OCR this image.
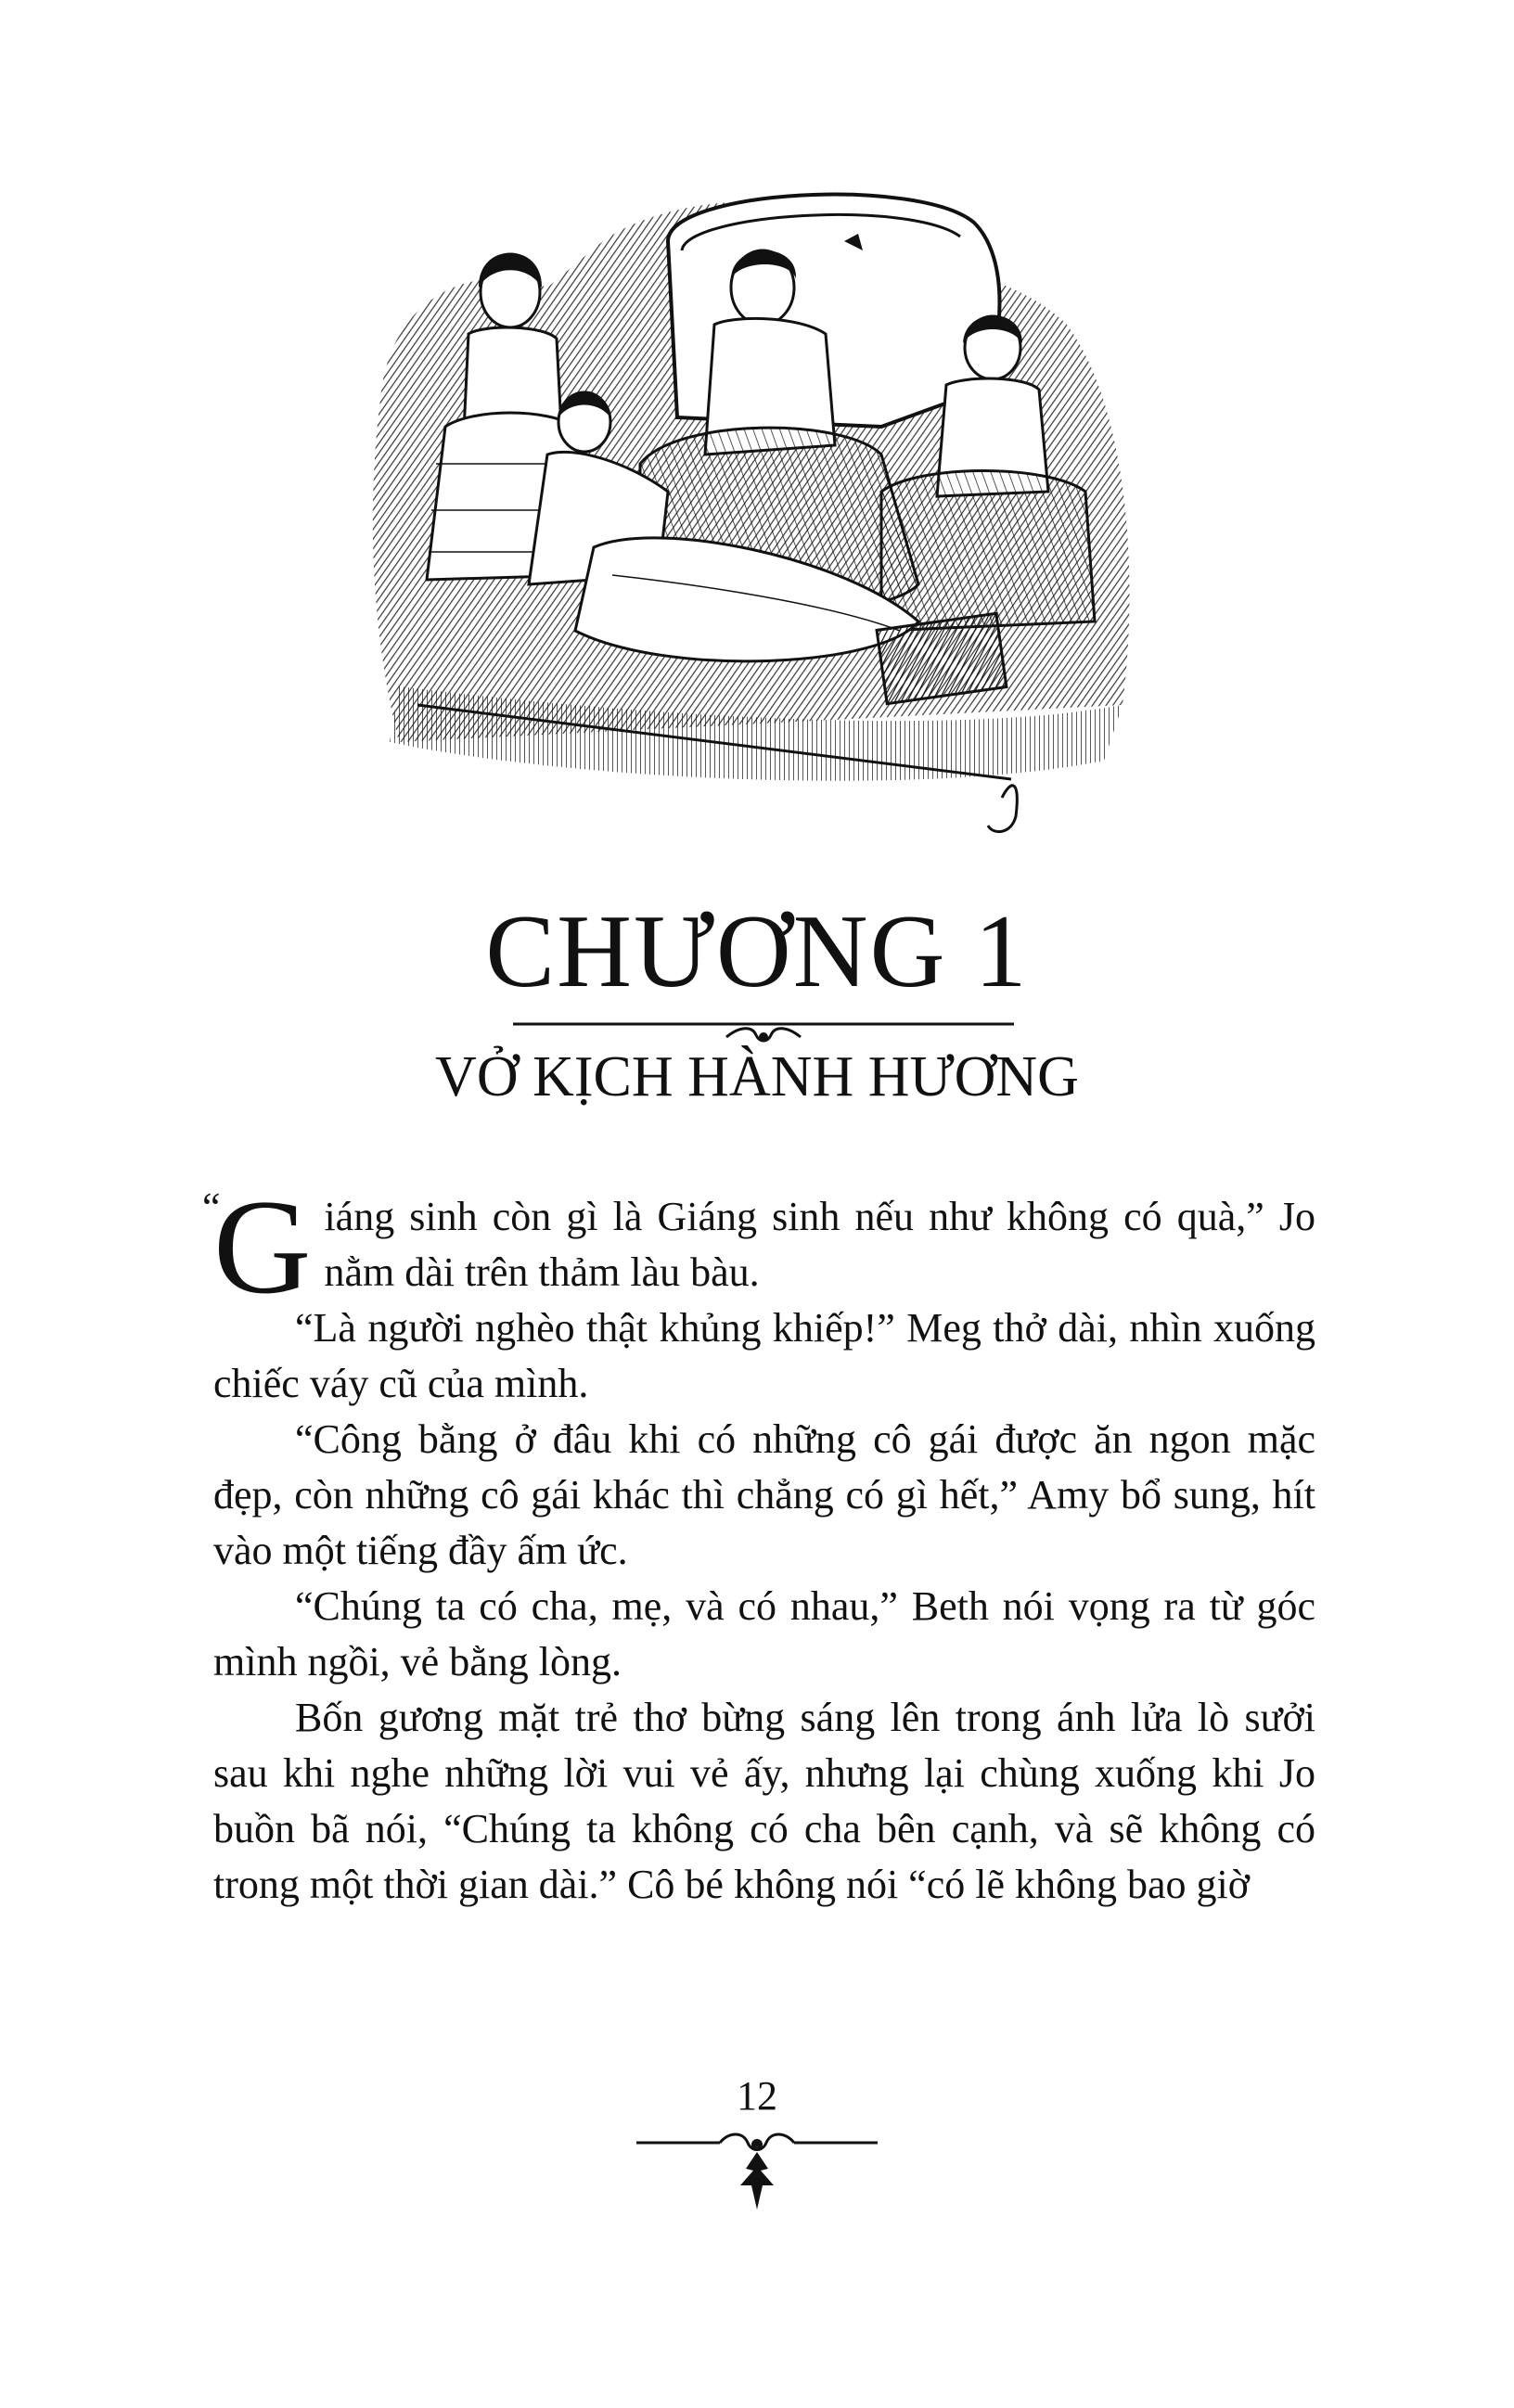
CHƯƠNG 1
VỞ KỊCH HÀNH HƯƠNG

“ Giáng sinh còn gì là Giáng sinh nếu như không có quà,” Jo nằm dài trên thảm làu bàu.

“Là người nghèo thật khủng khiếp!” Meg thở dài, nhìn xuống chiếc váy cũ của mình.

“Công bằng ở đâu khi có những cô gái được ăn ngon mặc đẹp, còn những cô gái khác thì chẳng có gì hết,” Amy bổ sung, hít vào một tiếng đầy ấm ức.

“Chúng ta có cha, mẹ, và có nhau,” Beth nói vọng ra từ góc mình ngồi, vẻ bằng lòng.

Bốn gương mặt trẻ thơ bừng sáng lên trong ánh lửa lò sưởi sau khi nghe những lời vui vẻ ấy, nhưng lại chùng xuống khi Jo buồn bã nói, “Chúng ta không có cha bên cạnh, và sẽ không có trong một thời gian dài.” Cô bé không nói “có lẽ không bao giờ

12
